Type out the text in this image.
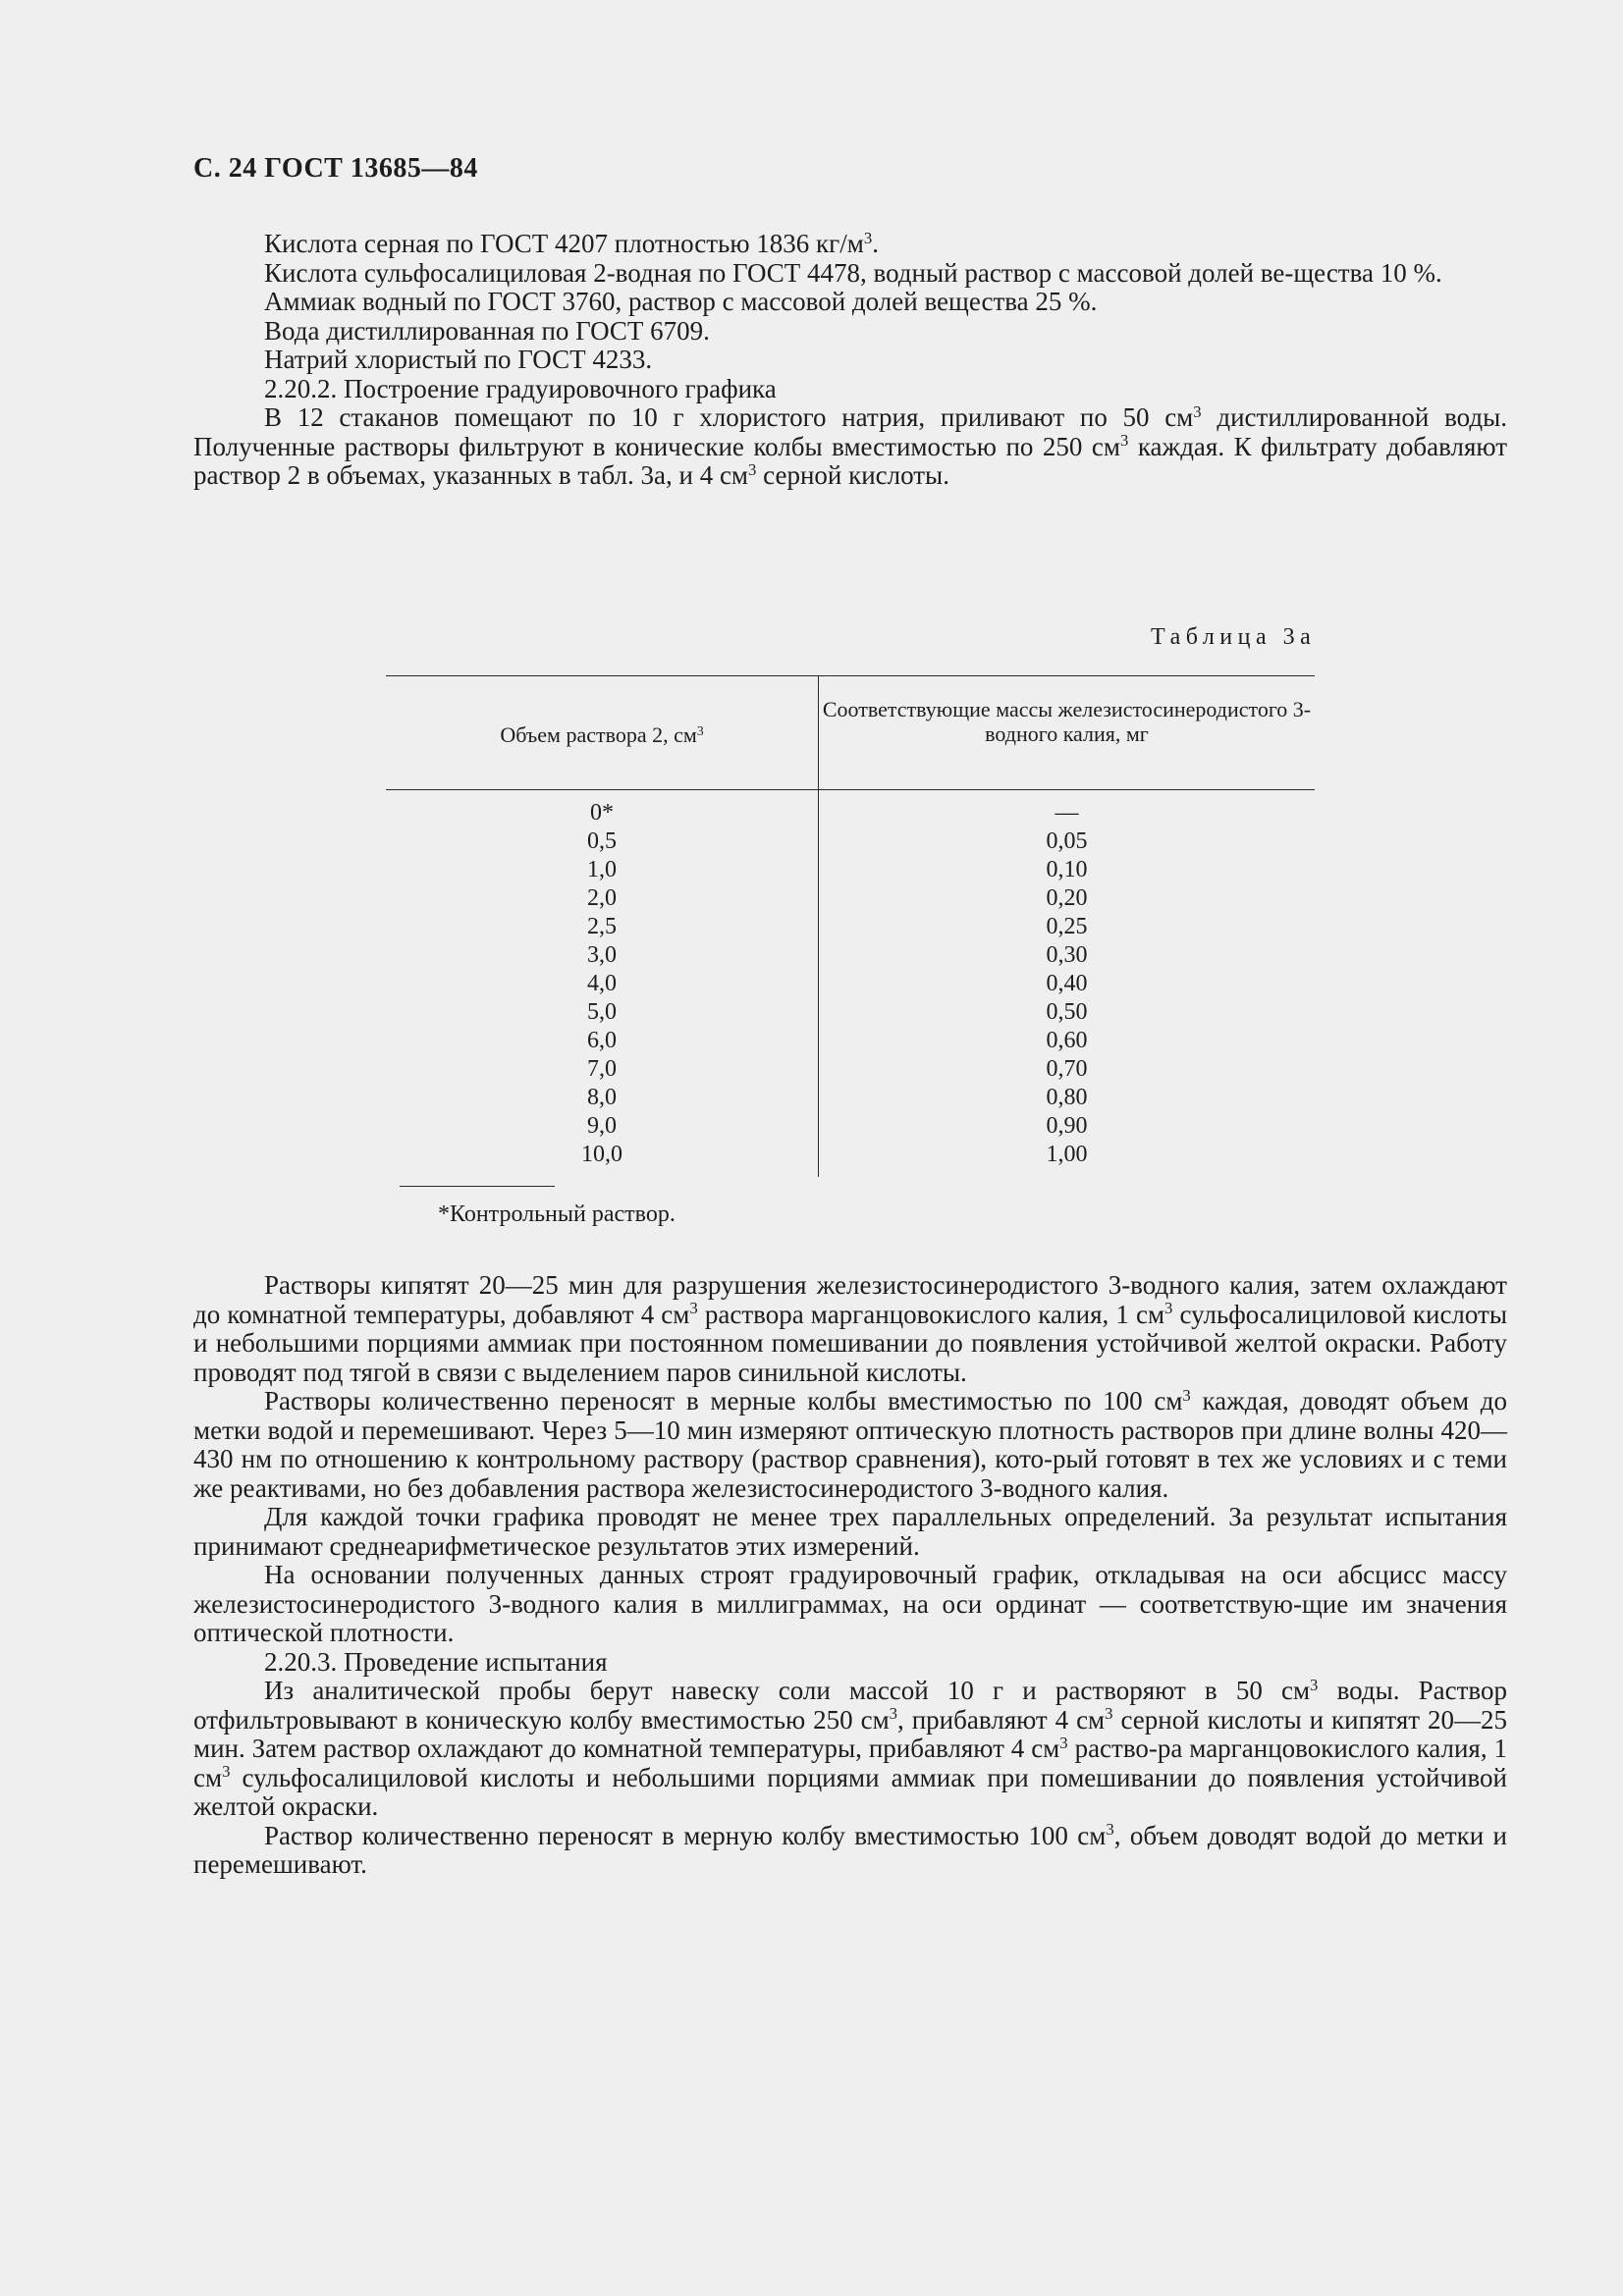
С. 24 ГОСТ 13685—84

Кислота серная по ГОСТ 4207 плотностью 1836 $кг/м^3$.

Кислота сульфосалициловая 2-водная по ГОСТ 4478, водный раствор с массовой долей ве-щества 10 %.

Аммиак водный по ГОСТ 3760, раствор с массовой долей вещества 25 %.

Вода дистиллированная по ГОСТ 6709.

Натрий хлористый по ГОСТ 4233.

2.20.2. Построение градуировочного графика

В 12 стаканов помещают по 10 г хлористого натрия, приливают по 50 $см^3$ дистиллированной воды. Полученные растворы фильтруют в конические колбы вместимостью по 250 $см^3$ каждая. К фильтрату добавляют раствор 2 в объемах, указанных в табл. 3а, и 4 $см^3$ серной кислоты.

Таблица 3а
Объем раствора 2, $см^3$
Соответствующие массы железистосинеродистого 3-водного калия, мг
0*
0,5
1,0
2,0
2,5
3,0
4,0
5,0
6,0
7,0
8,0
9,0
10,0
—
0,05
0,10
0,20
0,25
0,30
0,40
0,50
0,60
0,70
0,80
0,90
1,00
*Контрольный раствор.

Растворы кипятят 20—25 мин для разрушения железистосинеродистого 3-водного калия, затем охлаждают до комнатной температуры, добавляют 4 $см^3$ раствора марганцовокислого калия, 1 $см^3$ сульфосалициловой кислоты и небольшими порциями аммиак при постоянном помешивании до появления устойчивой желтой окраски. Работу проводят под тягой в связи с выделением паров синильной кислоты.

Растворы количественно переносят в мерные колбы вместимостью по 100 $см^3$ каждая, доводят объем до метки водой и перемешивают. Через 5—10 мин измеряют оптическую плотность растворов при длине волны 420—430 нм по отношению к контрольному раствору (раствор сравнения), кото-рый готовят в тех же условиях и с теми же реактивами, но без добавления раствора железистосинеродистого 3-водного калия.

Для каждой точки графика проводят не менее трех параллельных определений. За результат испытания принимают среднеарифметическое результатов этих измерений.

На основании полученных данных строят градуировочный график, откладывая на оси абсцисс массу железистосинеродистого 3-водного калия в миллиграммах, на оси ординат — соответствую-щие им значения оптической плотности.

2.20.3. Проведение испытания

Из аналитической пробы берут навеску соли массой 10 г и растворяют в 50 $см^3$ воды. Раствор отфильтровывают в коническую колбу вместимостью 250 $см^3$, прибавляют 4 $см^3$ серной кислоты и кипятят 20—25 мин. Затем раствор охлаждают до комнатной температуры, прибавляют 4 $см^3$ раство-ра марганцовокислого калия, 1 $см^3$ сульфосалициловой кислоты и небольшими порциями аммиак при помешивании до появления устойчивой желтой окраски.

Раствор количественно переносят в мерную колбу вместимостью 100 $см^3$, объем доводят водой до метки и перемешивают.
